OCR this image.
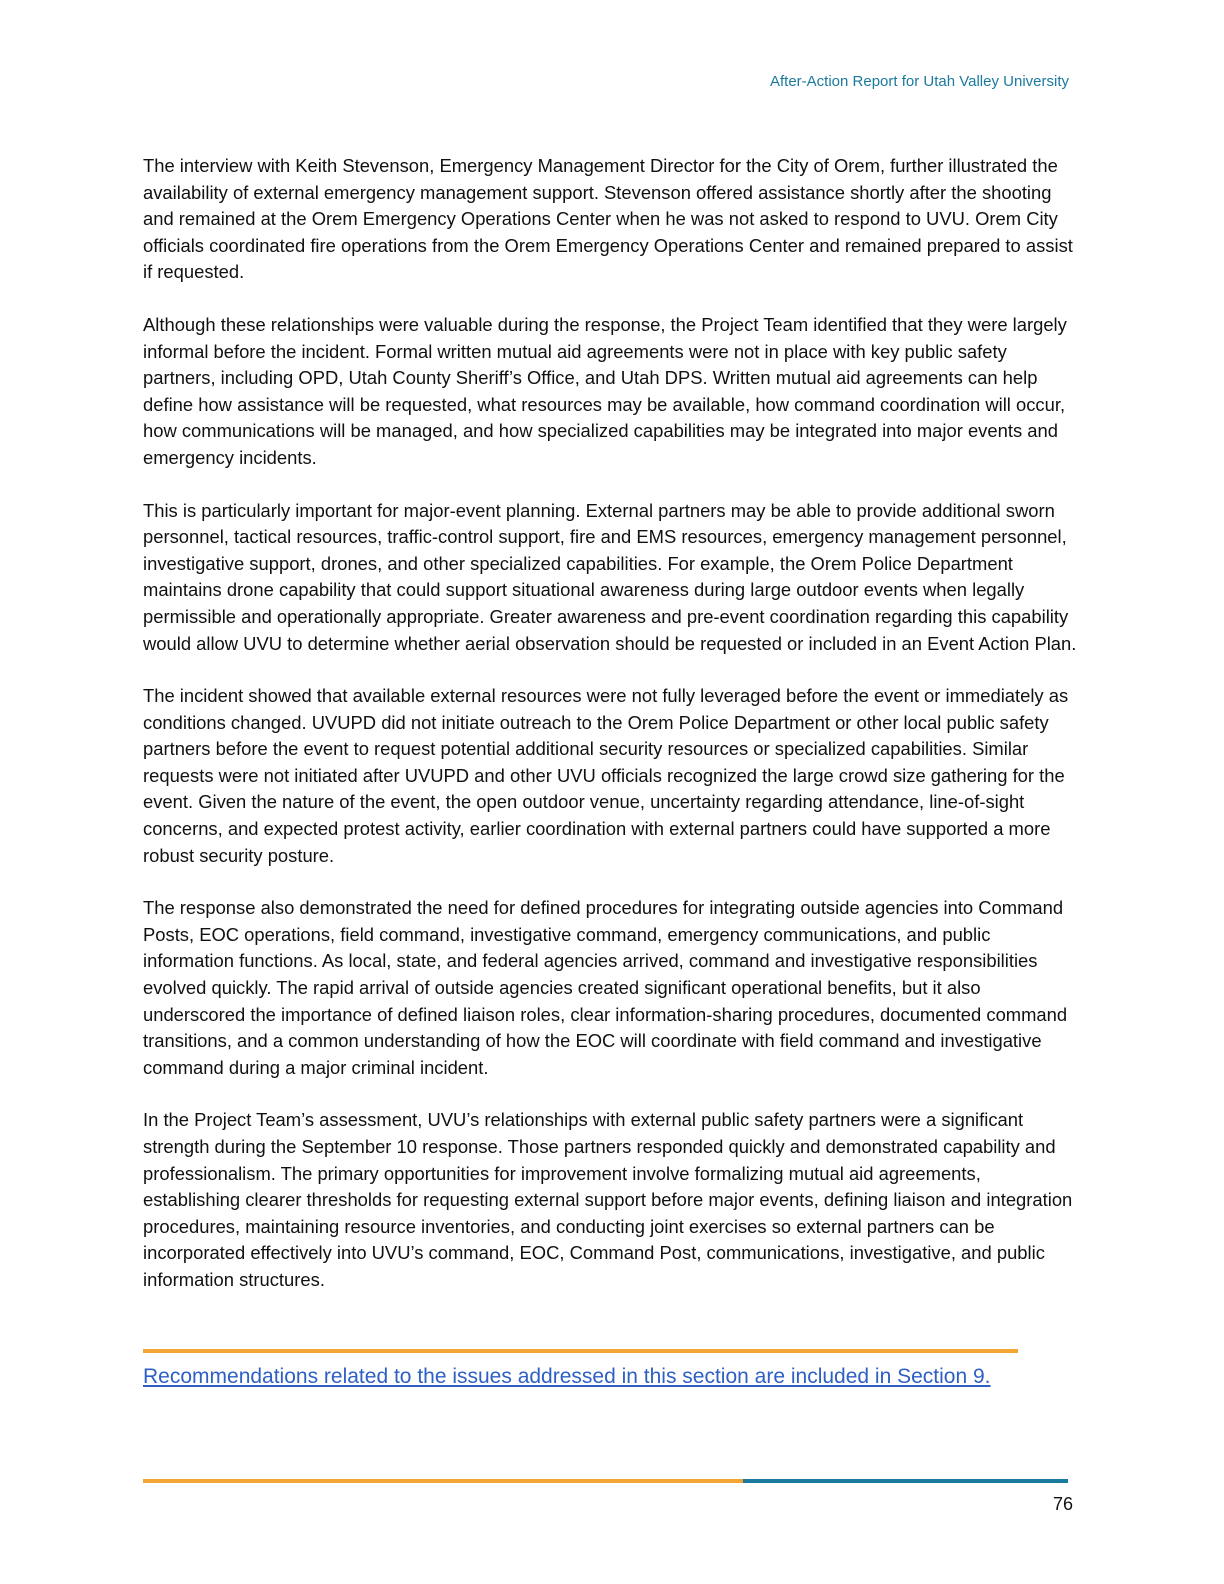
After-Action Report for Utah Valley University

The interview with Keith Stevenson, Emergency Management Director for the City of Orem, further illustrated the availability of external emergency management support. Stevenson offered assistance shortly after the shooting and remained at the Orem Emergency Operations Center when he was not asked to respond to UVU. Orem City officials coordinated fire operations from the Orem Emergency Operations Center and remained prepared to assist if requested.

Although these relationships were valuable during the response, the Project Team identified that they were largely informal before the incident. Formal written mutual aid agreements were not in place with key public safety partners, including OPD, Utah County Sheriff’s Office, and Utah DPS. Written mutual aid agreements can help define how assistance will be requested, what resources may be available, how command coordination will occur, how communications will be managed, and how specialized capabilities may be integrated into major events and emergency incidents.

This is particularly important for major-event planning. External partners may be able to provide additional sworn personnel, tactical resources, traffic-control support, fire and EMS resources, emergency management personnel, investigative support, drones, and other specialized capabilities. For example, the Orem Police Department maintains drone capability that could support situational awareness during large outdoor events when legally permissible and operationally appropriate. Greater awareness and pre-event coordination regarding this capability would allow UVU to determine whether aerial observation should be requested or included in an Event Action Plan.

The incident showed that available external resources were not fully leveraged before the event or immediately as conditions changed. UVUPD did not initiate outreach to the Orem Police Department or other local public safety partners before the event to request potential additional security resources or specialized capabilities. Similar requests were not initiated after UVUPD and other UVU officials recognized the large crowd size gathering for the event. Given the nature of the event, the open outdoor venue, uncertainty regarding attendance, line-of-sight concerns, and expected protest activity, earlier coordination with external partners could have supported a more robust security posture.

The response also demonstrated the need for defined procedures for integrating outside agencies into Command Posts, EOC operations, field command, investigative command, emergency communications, and public information functions. As local, state, and federal agencies arrived, command and investigative responsibilities evolved quickly. The rapid arrival of outside agencies created significant operational benefits, but it also underscored the importance of defined liaison roles, clear information-sharing procedures, documented command transitions, and a common understanding of how the EOC will coordinate with field command and investigative command during a major criminal incident.

In the Project Team’s assessment, UVU’s relationships with external public safety partners were a significant strength during the September 10 response. Those partners responded quickly and demonstrated capability and professionalism. The primary opportunities for improvement involve formalizing mutual aid agreements, establishing clearer thresholds for requesting external support before major events, defining liaison and integration procedures, maintaining resource inventories, and conducting joint exercises so external partners can be incorporated effectively into UVU’s command, EOC, Command Post, communications, investigative, and public information structures.

Recommendations related to the issues addressed in this section are included in Section 9.
76
